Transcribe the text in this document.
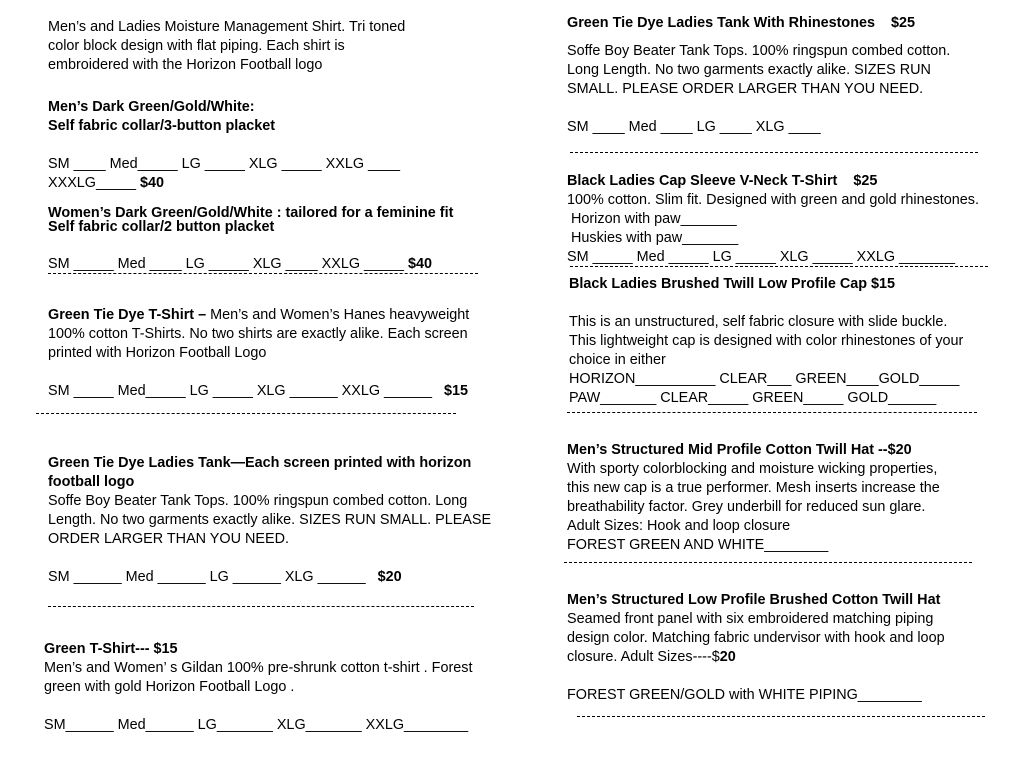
Men’s and Ladies Moisture Management Shirt. Tri toned

color block design with flat piping. Each shirt is

embroidered with the Horizon Football logo

Men’s Dark Green/Gold/White:

Self fabric collar/3-button placket

SM ____ Med_____ LG _____ XLG _____ XXLG ____

XXXLG_____ $40

Women’s Dark Green/Gold/White : tailored for a feminine fit

Self fabric collar/2 button placket

SM _____ Med ____ LG _____ XLG ____ XXLG _____ $40

Green Tie Dye T-Shirt – Men’s and Women’s Hanes heavyweight

100% cotton T-Shirts. No two shirts are exactly alike. Each screen

printed with Horizon Football Logo

SM _____ Med_____ LG _____ XLG ______ XXLG ______ $15

Green Tie Dye Ladies Tank—Each screen printed with horizon

football logo

Soffe Boy Beater Tank Tops. 100% ringspun combed cotton. Long

Length. No two garments exactly alike. SIZES RUN SMALL. PLEASE

ORDER LARGER THAN YOU NEED.

SM ______ Med ______ LG ______ XLG ______ $20

Green T-Shirt--- $15

Men’s and Women’ s Gildan 100% pre-shrunk cotton t-shirt . Forest

green with gold Horizon Football Logo .

SM______ Med______ LG_______ XLG_______ XXLG________

Green Tie Dye Ladies Tank With Rhinestones    $25

Soffe Boy Beater Tank Tops. 100% ringspun combed cotton.

Long Length. No two garments exactly alike. SIZES RUN

SMALL. PLEASE ORDER LARGER THAN YOU NEED.

SM ____ Med ____ LG ____ XLG ____

Black Ladies Cap Sleeve V-Neck T-Shirt    $25

100% cotton. Slim fit. Designed with green and gold rhinestones.

Horizon with paw_______

Huskies with paw_______

SM _____ Med _____ LG _____ XLG _____ XXLG _______

Black Ladies Brushed Twill Low Profile Cap $15

This is an unstructured, self fabric closure with slide buckle.

This lightweight cap is designed with color rhinestones of your

choice in either

HORIZON__________ CLEAR___ GREEN____GOLD_____

PAW_______ CLEAR_____ GREEN_____ GOLD______

Men’s Structured Mid Profile Cotton Twill Hat --$20

With sporty colorblocking and moisture wicking properties,

this new cap is a true performer. Mesh inserts increase the

breathability factor. Grey underbill for reduced sun glare.

Adult Sizes: Hook and loop closure

FOREST GREEN AND WHITE________

Men’s Structured Low Profile Brushed Cotton Twill Hat

Seamed front panel with six embroidered matching piping

design color. Matching fabric undervisor with hook and loop

closure. Adult Sizes----$20

FOREST GREEN/GOLD with WHITE PIPING________
